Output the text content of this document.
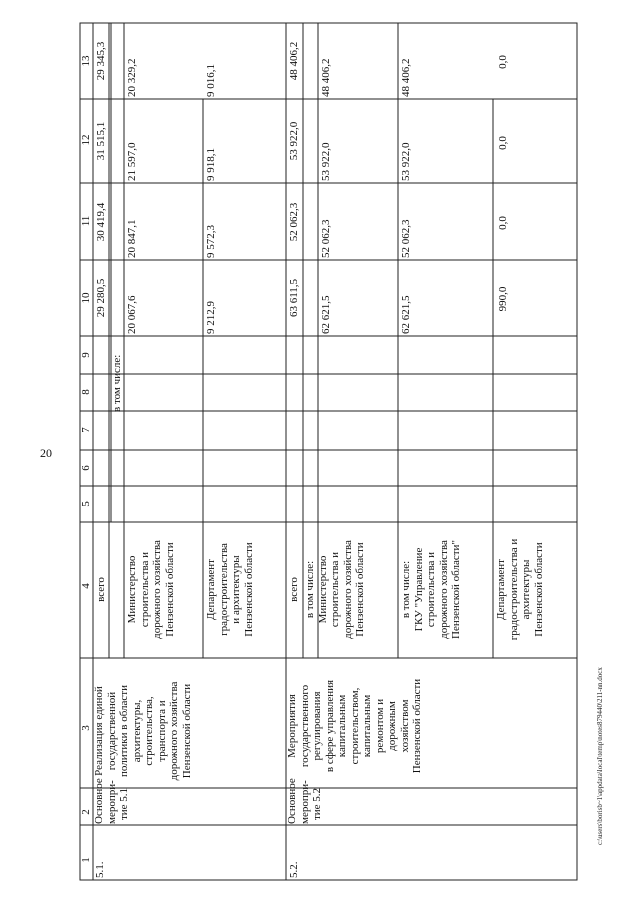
20
1
2
3
4
5
6
7
8
9
10
11
12
13
5.1.
Основное меропри- тие 5.1
Реализация единой государственной политики в области архитектуры, строительства, транспорта и дорожного хозяйства Пензенской области
всего
29 280,5
30 419,4
31 515,1
29 345,3
в том числе:
Министерство строительства и дорожного хозяйства Пензенской области
20 067,6
20 847,1
21 597,0
20 329,2
Департамент градостроительства и архитектуры Пензенской области
9 212,9
9 572,3
9 918,1
9 016,1
5.2.
Основное меропри- тие 5.2
Мероприятия государственного регулирования в сфере управления капитальным строительством, капитальным ремонтом и дорожным хозяйством Пензенской области
всего
63 611,5
52 062,3
53 922,0
48 406,2
в том числе: Министерство строительства и дорожного хозяйства Пензенской области
62 621,5
52 062,3
53 922,0
48 406,2
в том числе: ГКУ "Управление строительства и дорожного хозяйства Пензенской области"
62 621,5
52 062,3
53 922,0
48 406,2
Департамент градостроительства и архитектуры Пензенской области
990,0
0,0
0,0
0,0
c:\users\borisb~1\appdata\local\temp\notes879440\211-nn.docx
